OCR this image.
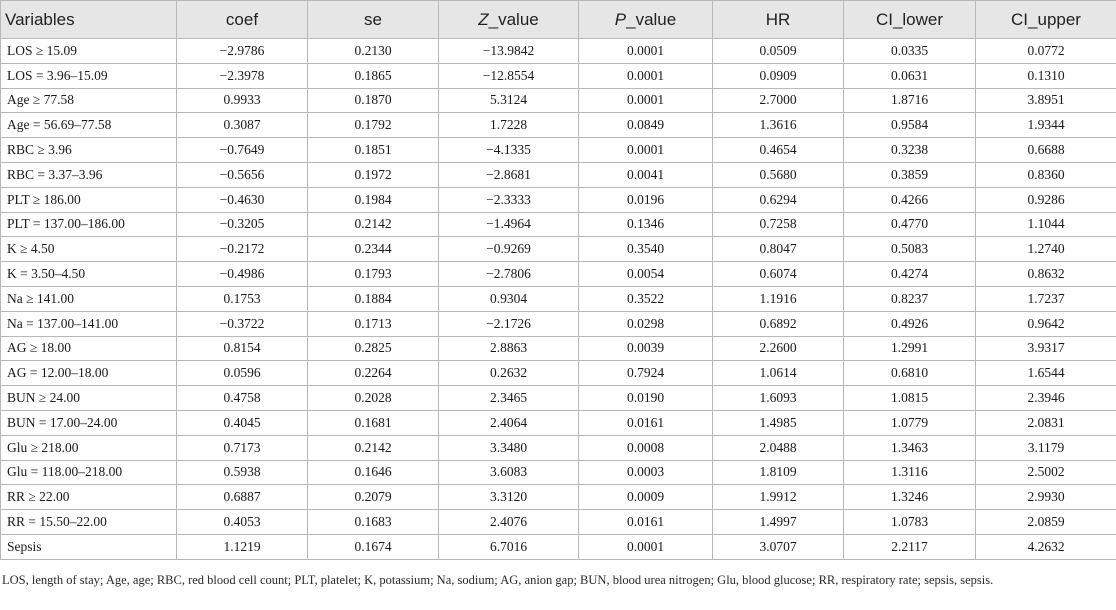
Variables	coef	se	Z_value	P_value	HR	CI_lower	CI_upper
LOS ≥ 15.09	−2.9786	0.2130	−13.9842	0.0001	0.0509	0.0335	0.0772
LOS = 3.96–15.09	−2.3978	0.1865	−12.8554	0.0001	0.0909	0.0631	0.1310
Age ≥ 77.58	0.9933	0.1870	5.3124	0.0001	2.7000	1.8716	3.8951
Age = 56.69–77.58	0.3087	0.1792	1.7228	0.0849	1.3616	0.9584	1.9344
RBC ≥ 3.96	−0.7649	0.1851	−4.1335	0.0001	0.4654	0.3238	0.6688
RBC = 3.37–3.96	−0.5656	0.1972	−2.8681	0.0041	0.5680	0.3859	0.8360
PLT ≥ 186.00	−0.4630	0.1984	−2.3333	0.0196	0.6294	0.4266	0.9286
PLT = 137.00–186.00	−0.3205	0.2142	−1.4964	0.1346	0.7258	0.4770	1.1044
K ≥ 4.50	−0.2172	0.2344	−0.9269	0.3540	0.8047	0.5083	1.2740
K = 3.50–4.50	−0.4986	0.1793	−2.7806	0.0054	0.6074	0.4274	0.8632
Na ≥ 141.00	0.1753	0.1884	0.9304	0.3522	1.1916	0.8237	1.7237
Na = 137.00–141.00	−0.3722	0.1713	−2.1726	0.0298	0.6892	0.4926	0.9642
AG ≥ 18.00	0.8154	0.2825	2.8863	0.0039	2.2600	1.2991	3.9317
AG = 12.00–18.00	0.0596	0.2264	0.2632	0.7924	1.0614	0.6810	1.6544
BUN ≥ 24.00	0.4758	0.2028	2.3465	0.0190	1.6093	1.0815	2.3946
BUN = 17.00–24.00	0.4045	0.1681	2.4064	0.0161	1.4985	1.0779	2.0831
Glu ≥ 218.00	0.7173	0.2142	3.3480	0.0008	2.0488	1.3463	3.1179
Glu = 118.00–218.00	0.5938	0.1646	3.6083	0.0003	1.8109	1.3116	2.5002
RR ≥ 22.00	0.6887	0.2079	3.3120	0.0009	1.9912	1.3246	2.9930
RR = 15.50–22.00	0.4053	0.1683	2.4076	0.0161	1.4997	1.0783	2.0859
Sepsis	1.1219	0.1674	6.7016	0.0001	3.0707	2.2117	4.2632
LOS, length of stay; Age, age; RBC, red blood cell count; PLT, platelet; K, potassium; Na, sodium; AG, anion gap; BUN, blood urea nitrogen; Glu, blood glucose; RR, respiratory rate; sepsis, sepsis.
